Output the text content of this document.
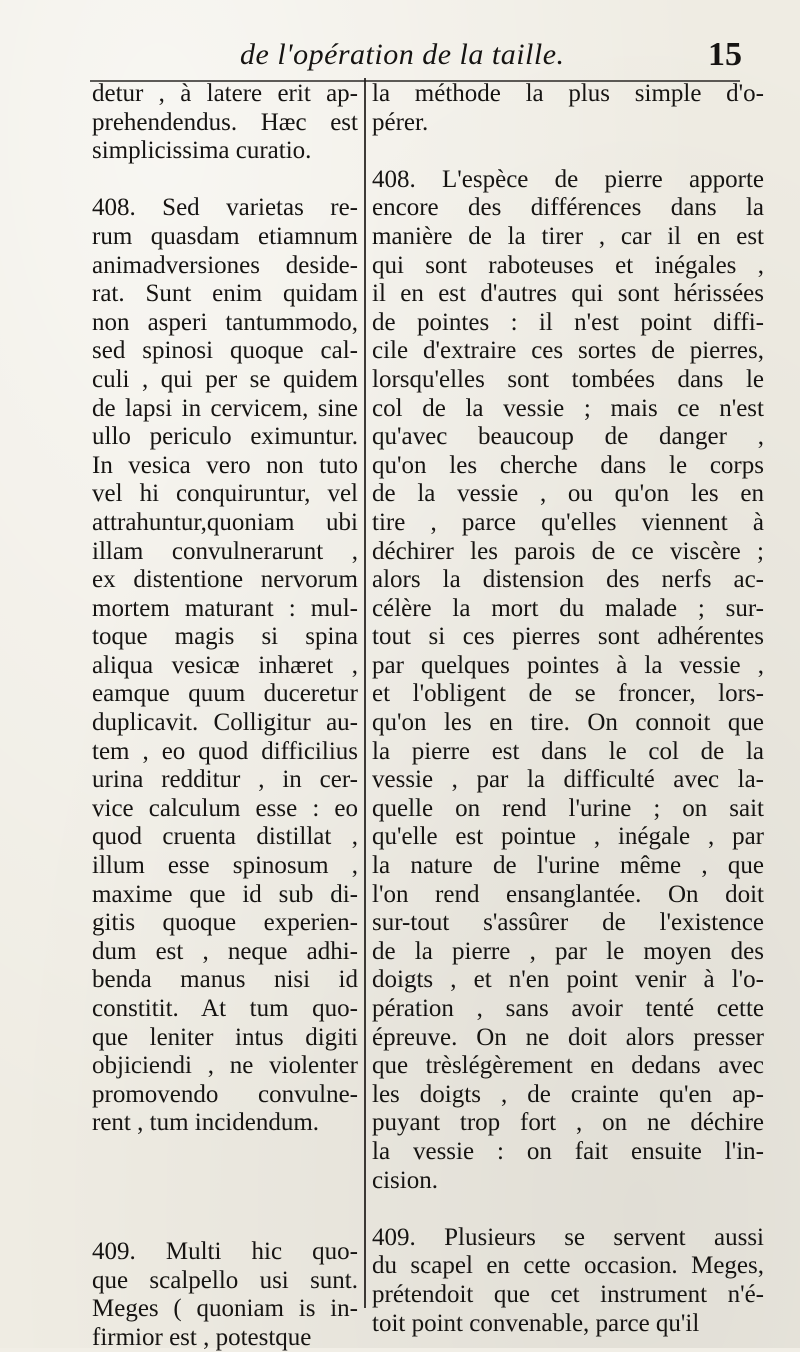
de l'opération de la taille.	15
detur , à latere erit ap-
prehendendus. Hæc est
simplicissima curatio.
408. Sed varietas re-
rum quasdam etiamnum
animadversiones deside-
rat. Sunt enim quidam
non asperi tantummodo,
sed spinosi quoque cal-
culi , qui per se quidem
de lapsi in cervicem, sine
ullo periculo eximuntur.
In vesica vero non tuto
vel hi conquiruntur, vel
attrahuntur,quoniam ubi
illam convulnerarunt ,
ex distentione nervorum
mortem maturant : mul-
toque magis si spina
aliqua vesicæ inhæret ,
eamque quum duceretur
duplicavit. Colligitur au-
tem , eo quod difficilius
urina redditur , in cer-
vice calculum esse : eo
quod cruenta distillat ,
illum esse spinosum ,
maxime que id sub di-
gitis quoque experien-
dum est , neque adhi-
benda manus nisi id
constitit. At tum quo-
que leniter intus digiti
objiciendi , ne violenter
promovendo convulne-
rent , tum incidendum.
409. Multi hic quo-
que scalpello usi sunt.
Meges ( quoniam is in-
firmior est , potestque
la méthode la plus simple d'o-
pérer.
408. L'espèce de pierre apporte
encore des différences dans la
manière de la tirer , car il en est
qui sont raboteuses et inégales ,
il en est d'autres qui sont hérissées
de pointes : il n'est point diffi-
cile d'extraire ces sortes de pierres,
lorsqu'elles sont tombées dans le
col de la vessie ; mais ce n'est
qu'avec beaucoup de danger ,
qu'on les cherche dans le corps
de la vessie , ou qu'on les en
tire , parce qu'elles viennent à
déchirer les parois de ce viscère ;
alors la distension des nerfs ac-
célère la mort du malade ; sur-
tout si ces pierres sont adhérentes
par quelques pointes à la vessie ,
et l'obligent de se froncer, lors-
qu'on les en tire. On connoit que
la pierre est dans le col de la
vessie , par la difficulté avec la-
quelle on rend l'urine ; on sait
qu'elle est pointue , inégale , par
la nature de l'urine même , que
l'on rend ensanglantée. On doit
sur-tout s'assûrer de l'existence
de la pierre , par le moyen des
doigts , et n'en point venir à l'o-
pération , sans avoir tenté cette
épreuve. On ne doit alors presser
que trèslégèrement en dedans avec
les doigts , de crainte qu'en ap-
puyant trop fort , on ne déchire
la vessie : on fait ensuite l'in-
cision.
409. Plusieurs se servent aussi
du scapel en cette occasion. Meges,
prétendoit que cet instrument n'é-
toit point convenable, parce qu'il
